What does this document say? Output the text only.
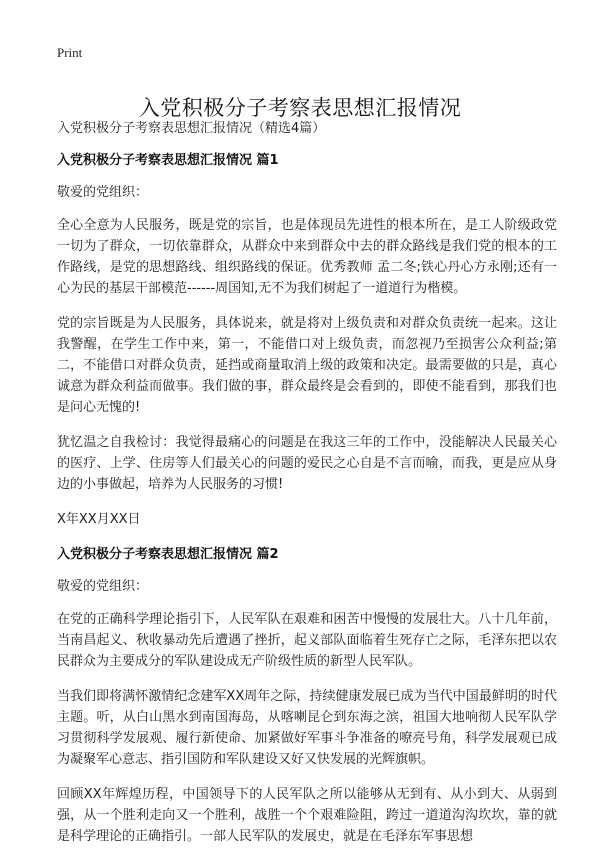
Print
入党积极分子考察表思想汇报情况

入党积极分子考察表思想汇报情况（精选4篇）

入党积极分子考察表思想汇报情况 篇1

敬爱的党组织：

全心全意为人民服务，既是党的宗旨，也是体现员先进性的根本所在，是工人阶级政党一切为了群众，一切依靠群众，从群众中来到群众中去的群众路线是我们党的根本的工作路线，是党的思想路线、组织路线的保证。优秀教师 孟二冬;铁心丹心方永刚;还有一心为民的基层干部模范------周国知,无不为我们树起了一道道行为楷模。

党的宗旨既是为人民服务，具体说来，就是将对上级负责和对群众负责统一起来。这让我警醒，在学生工作中来，第一，不能借口对上级负责，而忽视乃至损害公众利益;第二，不能借口对群众负责，延挡或商量取消上级的政策和决定。最需要做的只是，真心诚意为群众利益而做事。我们做的事，群众最终是会看到的，即使不能看到，那我们也是问心无愧的!

犹忆温之自我检讨：我觉得最痛心的问题是在我这三年的工作中，没能解决人民最关心的医疗、上学、住房等人们最关心的问题的爱民之心自是不言而喻，而我，更是应从身边的小事做起，培养为人民服务的习惯!

X年XX月XX日

入党积极分子考察表思想汇报情况 篇2

敬爱的党组织：

在党的正确科学理论指引下，人民军队在艰难和困苦中慢慢的发展壮大。八十几年前，当南昌起义、秋收暴动先后遭遇了挫折，起义部队面临着生死存亡之际，毛泽东把以农民群众为主要成分的军队建设成无产阶级性质的新型人民军队。

当我们即将满怀激情纪念建军XX周年之际，持续健康发展已成为当代中国最鲜明的时代主题。听，从白山黑水到南国海岛，从喀喇昆仑到东海之滨，祖国大地响彻人民军队学习贯彻科学发展观、履行新使命、加紧做好军事斗争准备的嘹亮号角，科学发展观已成为凝聚军心意志、指引国防和军队建设又好又快发展的光辉旗帜。

回顾XX年辉煌历程，中国领导下的人民军队之所以能够从无到有、从小到大、从弱到强，从一个胜利走向又一个胜利，战胜一个个艰难险阻，跨过一道道沟沟坎坎，靠的就是科学理论的正确指引。一部人民军队的发展史，就是在毛泽东军事思想
